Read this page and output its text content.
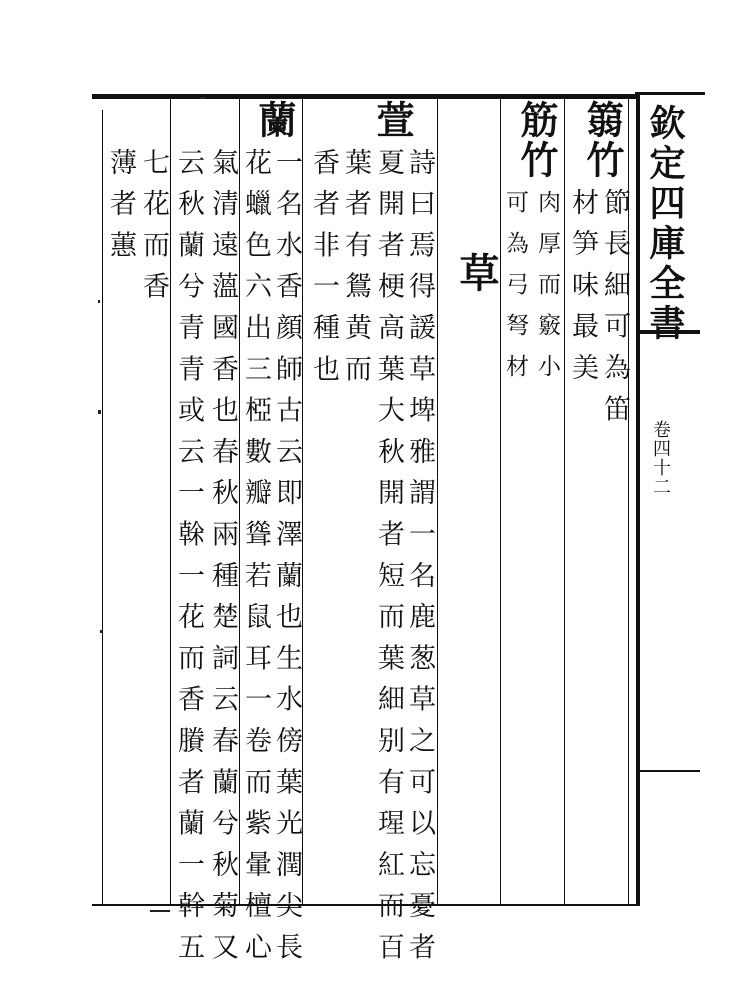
欽定四庫全書
卷四十二
篛竹
節長細可為笛
材笋味最美
筋竹
肉厚而竅小
可為弓弩材
草
萱
詩曰焉得諼草埤雅謂一名鹿葱草之可以忘憂者
夏開者梗高葉大秋開者短而葉細别有瑆紅而百
葉者有鴛黄而
香者非一種也
蘭
一名水香顔師古云即澤蘭也生水傍葉光潤尖長
花蠟色六出三椏數瓣聳若鼠耳一卷而紫暈檀心
氣清遠薀國香也春秋兩種楚詞云春蘭兮秋菊又
云秋蘭兮青青或云一榦一花而香賸者蘭一幹五
七花而香
薄者蕙
